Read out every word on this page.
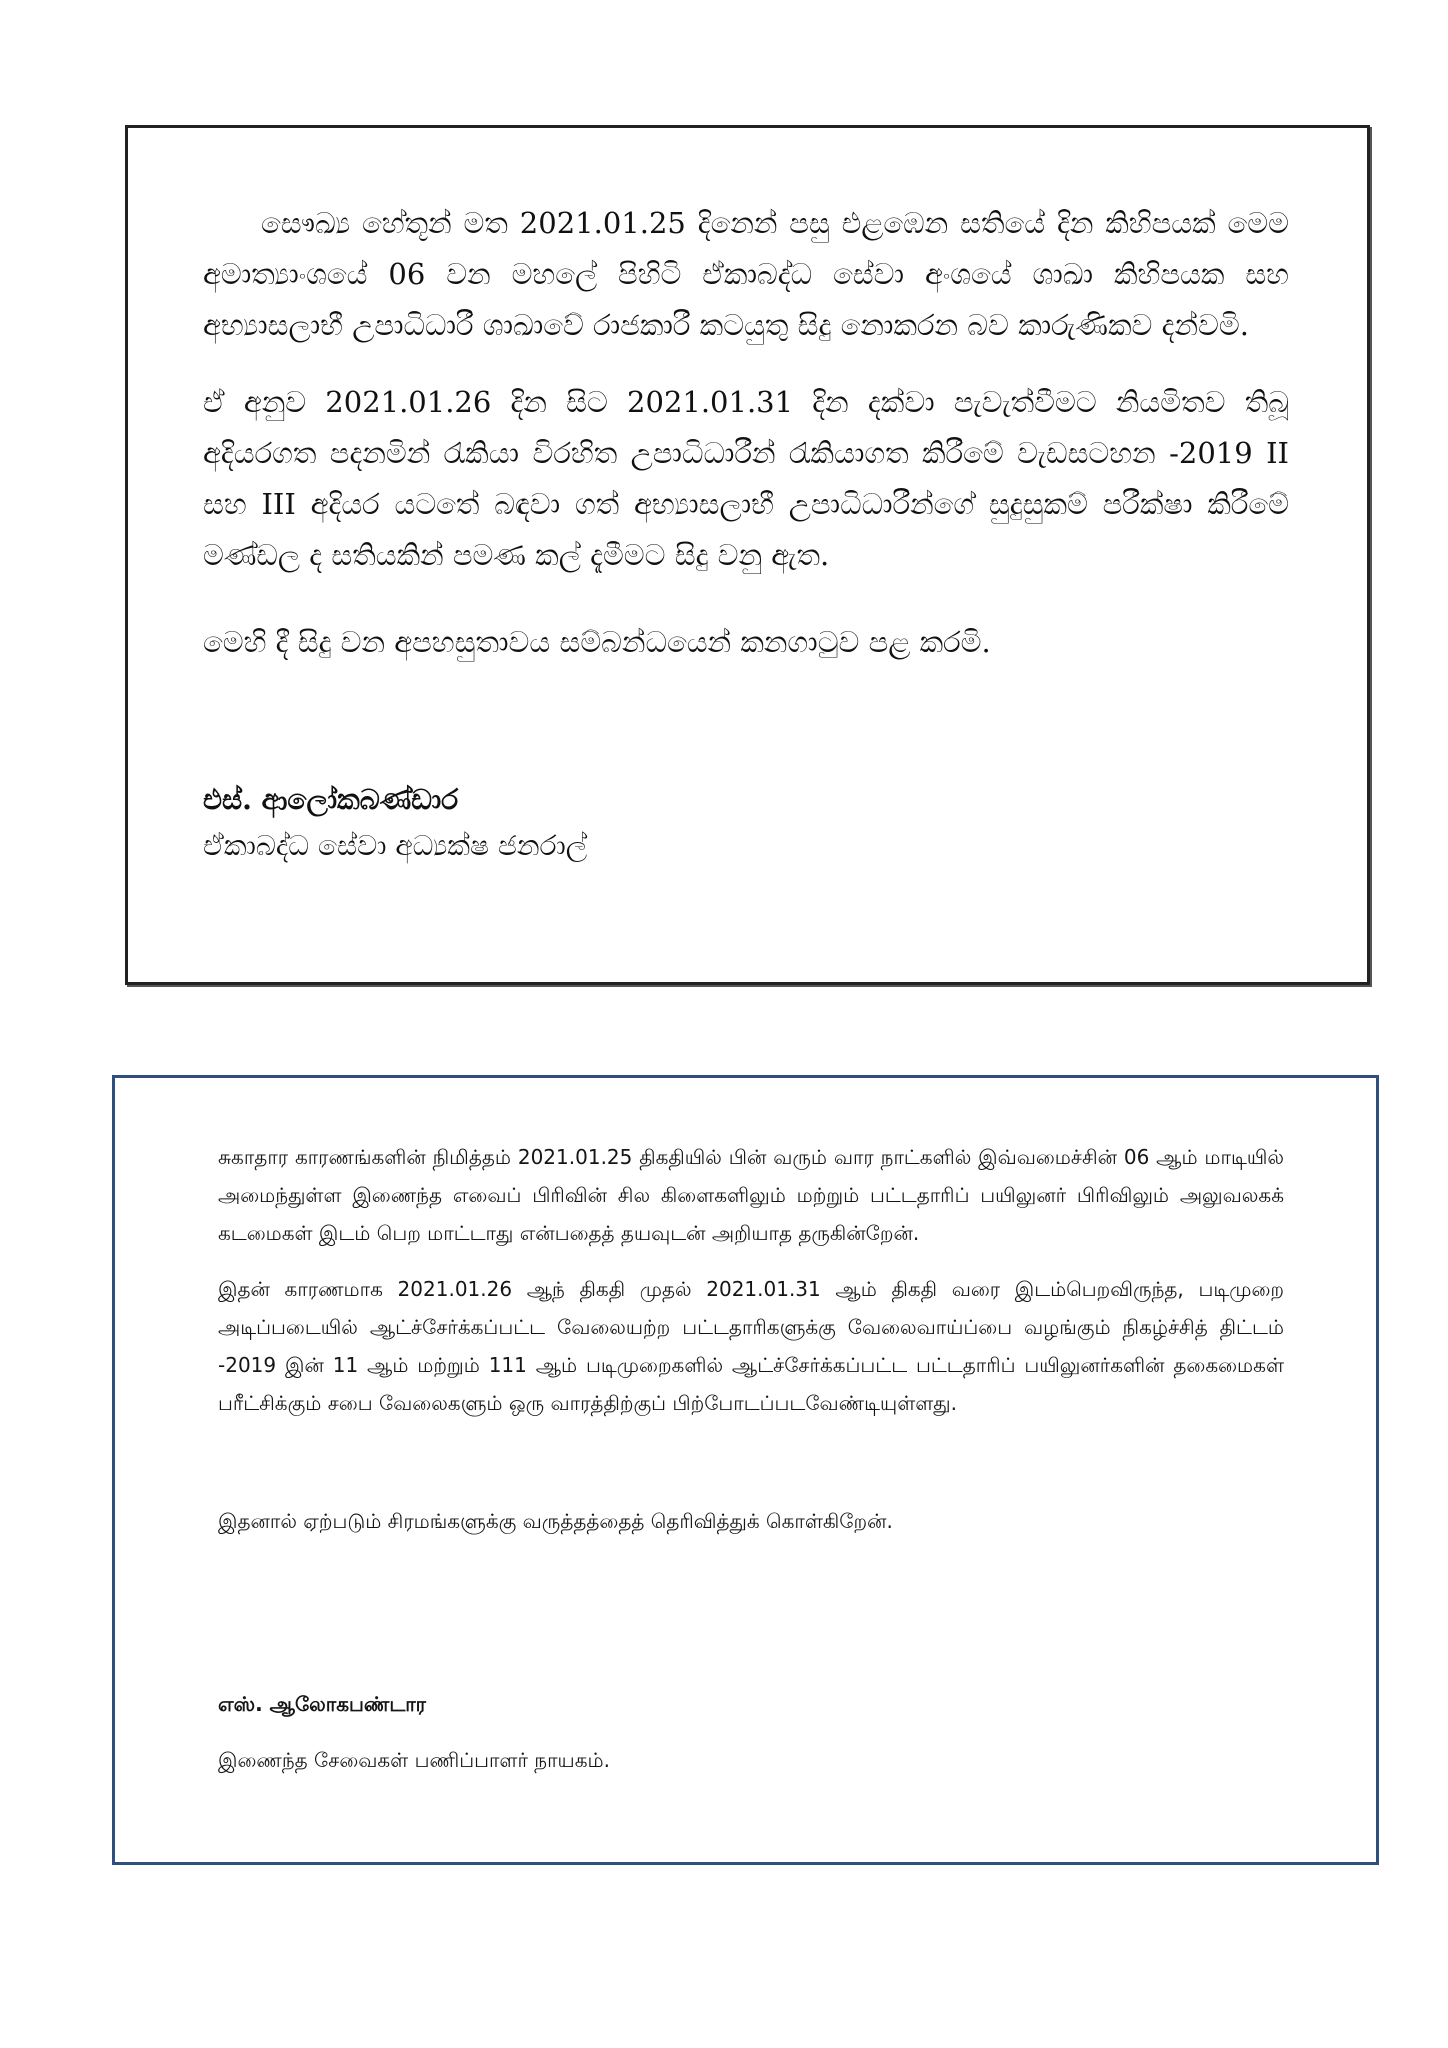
සෞඛ්‍ය හේතූන් මත 2021.01.25 දිනෙන් පසු එළඹෙන සතියේ දින කිහිපයක් මෙම අමාත්‍යාංශයේ 06 වන මහලේ පිහිටි ඒකාබද්ධ සේවා අංශයේ ශාඛා කිහිපයක සහ අභ්‍යාසලාභී උපාධිධාරී ශාඛාවේ රාජකාරී කටයුතු සිදු නොකරන බව කාරුණිකව දන්වමි.

ඒ අනුව 2021.01.26 දින සිට 2021.01.31 දින දක්වා පැවැත්වීමට නියමිතව තිබූ අදියරගත පදනමින් රැකියා විරහිත උපාධිධාරීන් රැකියාගත කිරීමේ වැඩසටහන -2019 II සහ III අදියර යටතේ බඳවා ගත් අභ්‍යාසලාභී උපාධිධාරීන්ගේ සුදුසුකම් පරීක්ෂා කිරීමේ මණ්ඩල ද සතියකින් පමණ කල් දැමීමට සිදු වනු ඇත.

මෙහි දී සිදු වන අපහසුතාවය සම්බන්ධයෙන් කනගාටුව පළ කරමි.

එස්. ආලෝකබණ්ඩාර

ඒකාබද්ධ සේවා අධ්‍යක්ෂ ජනරාල්

சுகாதார காரணங்களின் நிமித்தம் 2021.01.25 திகதியில் பின் வரும் வார நாட்களில் இவ்வமைச்சின் 06 ஆம் மாடியில் அமைந்துள்ள இணைந்த எவைப் பிரிவின் சில கிளைகளிலும் மற்றும் பட்டதாரிப் பயிலுனர் பிரிவிலும் அலுவலகக் கடமைகள் இடம் பெற மாட்டாது என்பதைத் தயவுடன் அறியாத தருகின்றேன்.

இதன் காரணமாக 2021.01.26 ஆந் திகதி முதல் 2021.01.31 ஆம் திகதி வரை இடம்பெறவிருந்த, படிமுறை அடிப்படையில் ஆட்ச்சேர்க்கப்பட்ட வேலையற்ற பட்டதாரிகளுக்கு வேலைவாய்ப்பை வழங்கும் நிகழ்ச்சித் திட்டம் -2019 இன் 11 ஆம் மற்றும் 111 ஆம் படிமுறைகளில் ஆட்ச்சேர்க்கப்பட்ட பட்டதாரிப் பயிலுனர்களின் தகைமைகள் பரீட்சிக்கும் சபை வேலைகளும் ஒரு வாரத்திற்குப் பிற்போடப்படவேண்டியுள்ளது.

இதனால் ஏற்படும் சிரமங்களுக்கு வருத்தத்தைத் தெரிவித்துக் கொள்கிறேன்.

எஸ். ஆலோகபண்டார

இணைந்த சேவைகள் பணிப்பாளர் நாயகம்.
